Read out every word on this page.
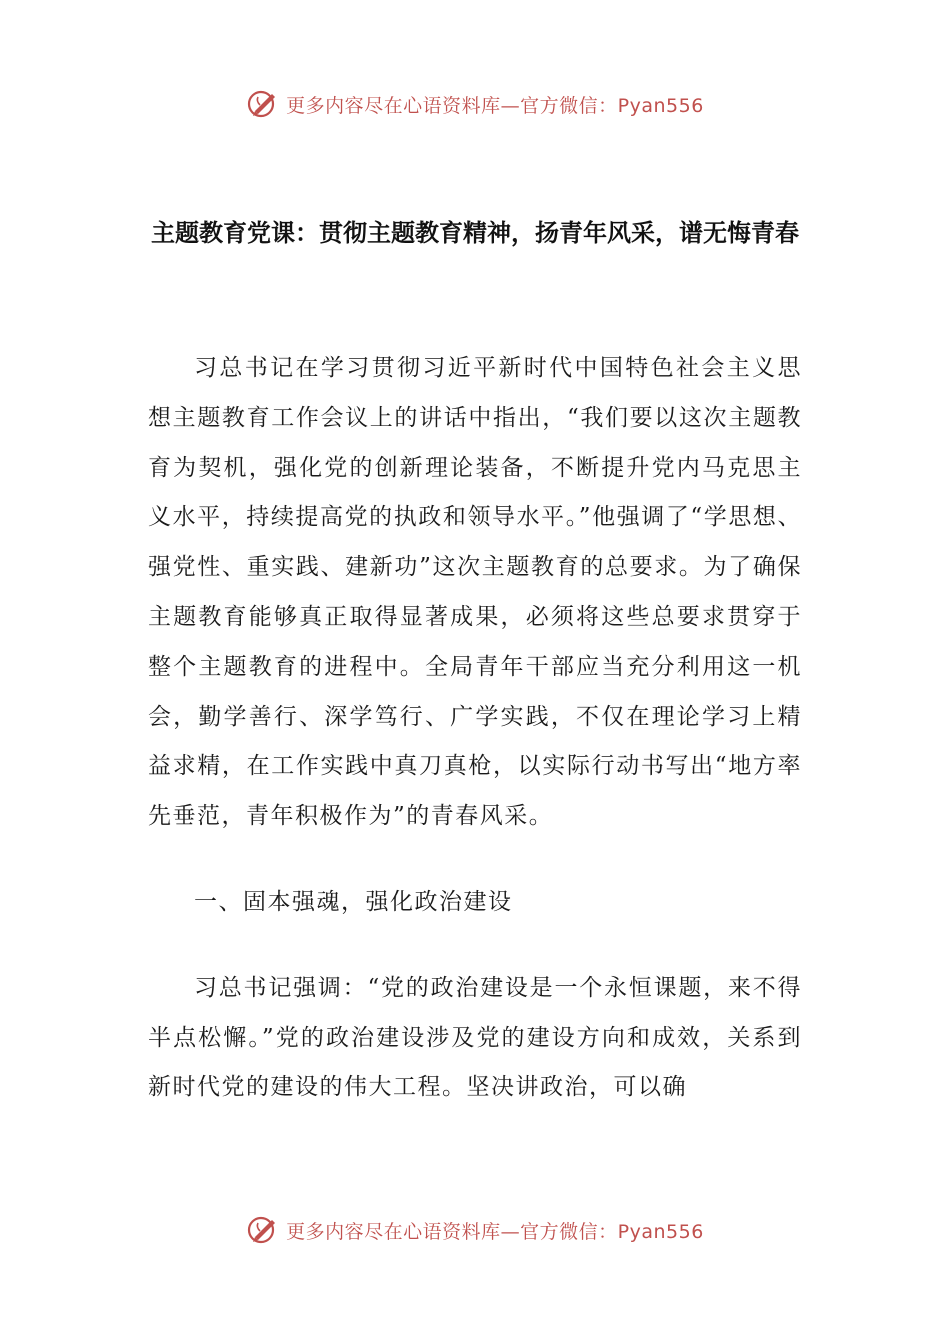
更多内容尽在心语资料库—官方微信：Pyan556
主题教育党课：贯彻主题教育精神，扬青年风采，谱无悔青春

习总书记在学习贯彻习近平新时代中国特色社会主义思想主题教育工作会议上的讲话中指出，“我们要以这次主题教育为契机，强化党的创新理论装备，不断提升党内马克思主义水平，持续提高党的执政和领导水平。”他强调了“学思想、强党性、重实践、建新功”这次主题教育的总要求。为了确保主题教育能够真正取得显著成果，必须将这些总要求贯穿于整个主题教育的进程中。全局青年干部应当充分利用这一机会，勤学善行、深学笃行、广学实践，不仅在理论学习上精益求精，在工作实践中真刀真枪，以实际行动书写出“地方率先垂范，青年积极作为”的青春风采。

一、固本强魂，强化政治建设

习总书记强调：“党的政治建设是一个永恒课题，来不得半点松懈。”党的政治建设涉及党的建设方向和成效，关系到新时代党的建设的伟大工程。坚决讲政治，可以确

更多内容尽在心语资料库—官方微信：Pyan556
